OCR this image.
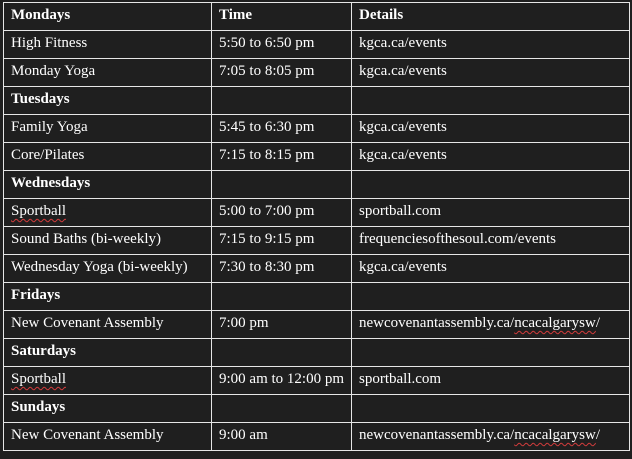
Mondays	Time	Details
High Fitness	5:50 to 6:50 pm	kgca.ca/events
Monday Yoga	7:05 to 8:05 pm	kgca.ca/events
Tuesdays		
Family Yoga	5:45 to 6:30 pm	kgca.ca/events
Core/Pilates	7:15 to 8:15 pm	kgca.ca/events
Wednesdays		
Sportball	5:00 to 7:00 pm	sportball.com
Sound Baths (bi-weekly)	7:15 to 9:15 pm	frequenciesofthesoul.com/events
Wednesday Yoga (bi-weekly)	7:30 to 8:30 pm	kgca.ca/events
Fridays		
New Covenant Assembly	7:00 pm	newcovenantassembly.ca/ncacalgarysw/
Saturdays		
Sportball	9:00 am to 12:00 pm	sportball.com
Sundays		
New Covenant Assembly	9:00 am	newcovenantassembly.ca/ncacalgarysw/
